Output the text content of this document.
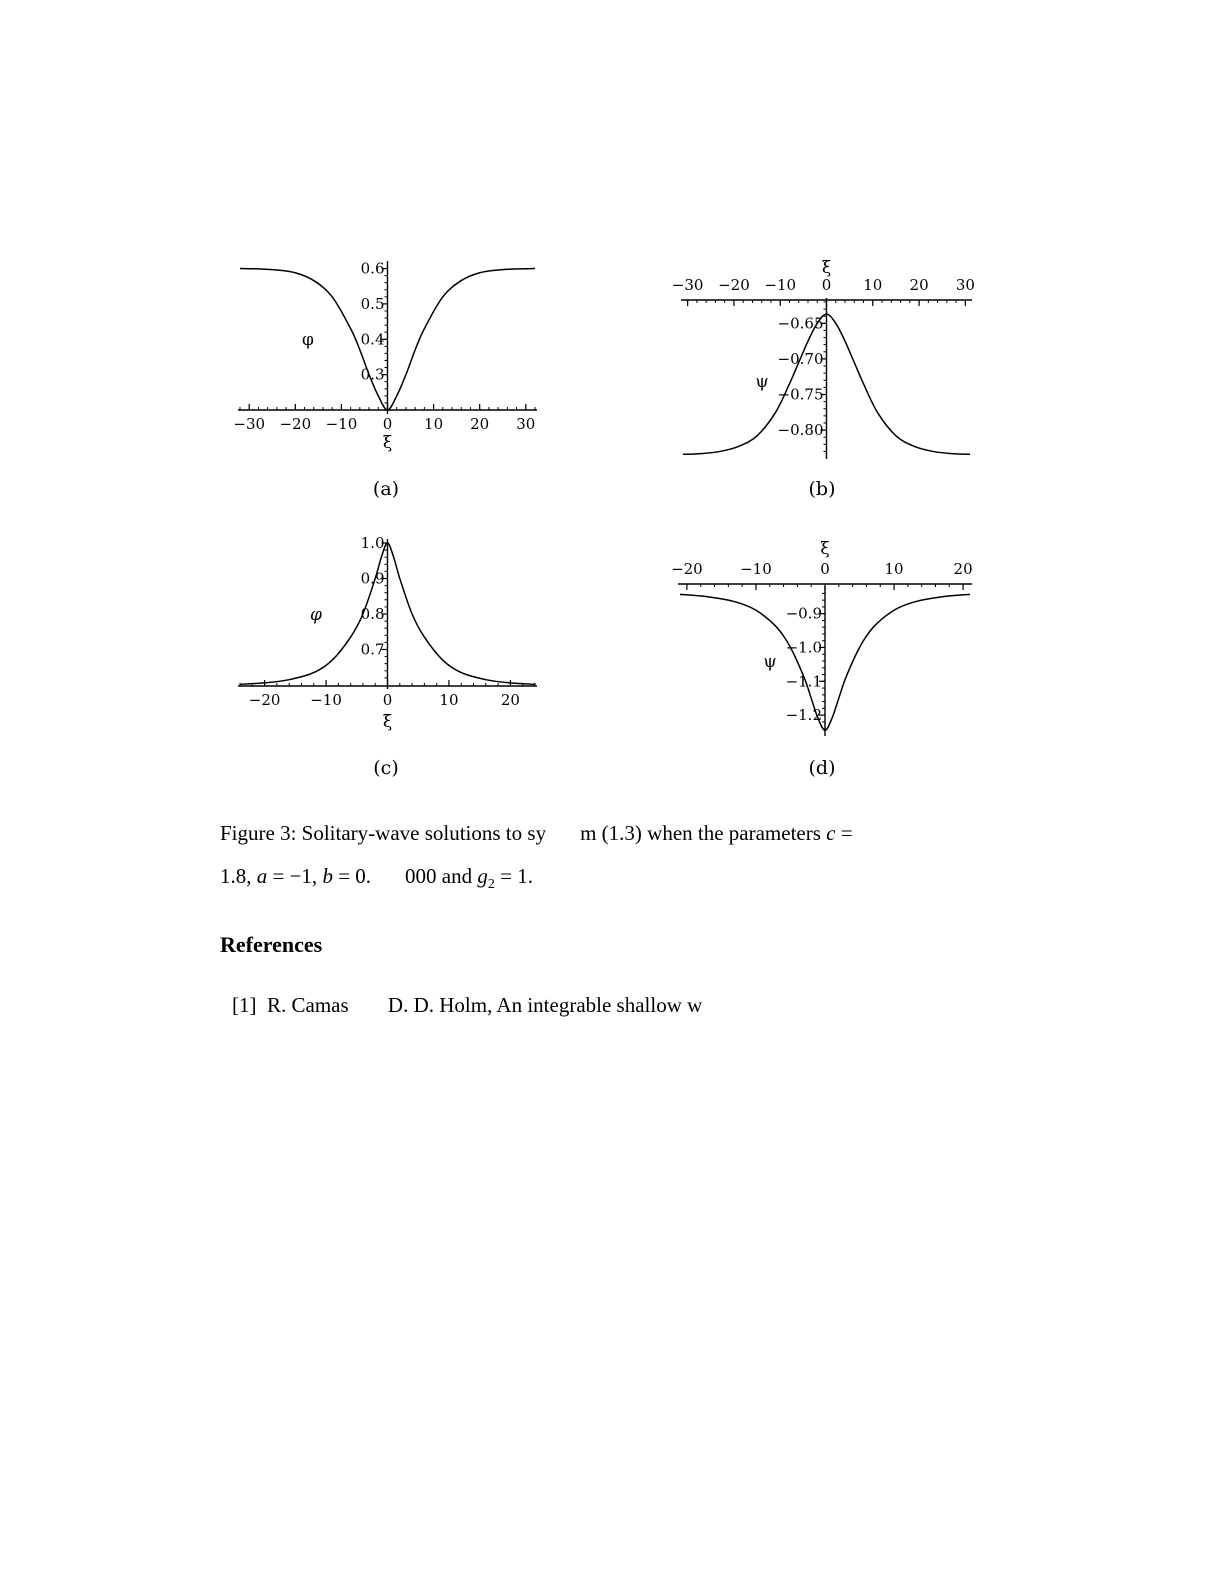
−30 −20 −10 0 10 20 30
0.3
0.4
0.5
0.6
ξ
φ
−30 −20 −10 0 10 20 30
−0.65
−0.70
−0.75
−0.80
ξ
ψ
−20 −10	0	10	20
0.7
0.8
0.9
1.0
ξ
φ
−20 −10	0	10	20
−0.9
−1.0
−1.1
−1.2
ξ
ψ
(a)	(b)
(c)	(d)
Figure 3: Solitary-wave solutions to sy m (1.3) when the parameters c =
1.8, a = −1, b = 0. 000 and $g_2 = 1$.
References
[1] R. Camas D. D. Holm, An integrable shallow w
